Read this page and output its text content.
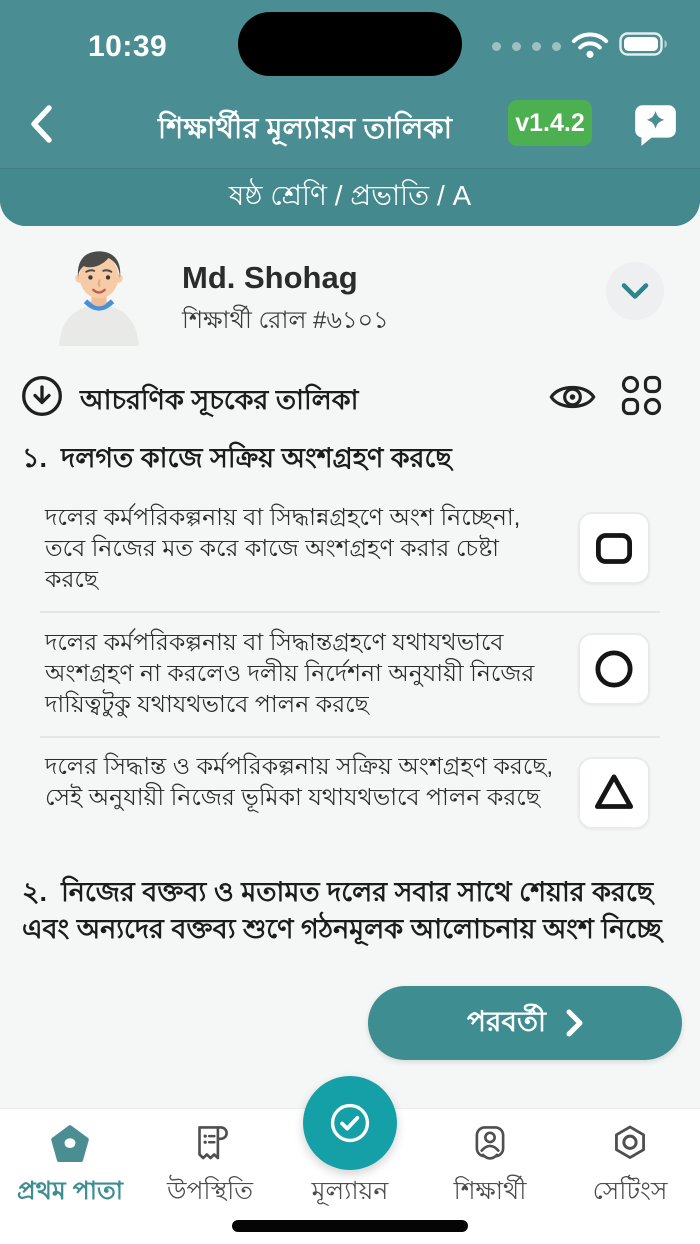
10:39
শিক্ষার্থীর মূল্যায়ন তালিকা	v1.4.2
ষষ্ঠ শ্রেণি / প্রভাতি / A
Md. Shohag
শিক্ষার্থী রোল #৬১০১
আচরণিক সূচকের তালিকা
১. দলগত কাজে সক্রিয় অংশগ্রহণ করছে
দলের কর্মপরিকল্পনায় বা সিদ্ধান্নগ্রহণে অংশ নিচ্ছেনা, তবে নিজের মত করে কাজে অংশগ্রহণ করার চেষ্টা করছে
দলের কর্মপরিকল্পনায় বা সিদ্ধান্তগ্রহণে যথাযথভাবে অংশগ্রহণ না করলেও দলীয় নির্দেশনা অনুযায়ী নিজের দায়িত্বটুকু যথাযথভাবে পালন করছে
দলের সিদ্ধান্ত ও কর্মপরিকল্পনায় সক্রিয় অংশগ্রহণ করছে, সেই অনুযায়ী নিজের ভূমিকা যথাযথভাবে পালন করছে
২. নিজের বক্তব্য ও মতামত দলের সবার সাথে শেয়ার করছে এবং অন্যদের বক্তব্য শুণে গঠনমূলক আলোচনায় অংশ নিচ্ছে
পরবর্তী
প্রথম পাতা	উপস্থিতি	মূল্যায়ন	শিক্ষার্থী	সেটিংস
